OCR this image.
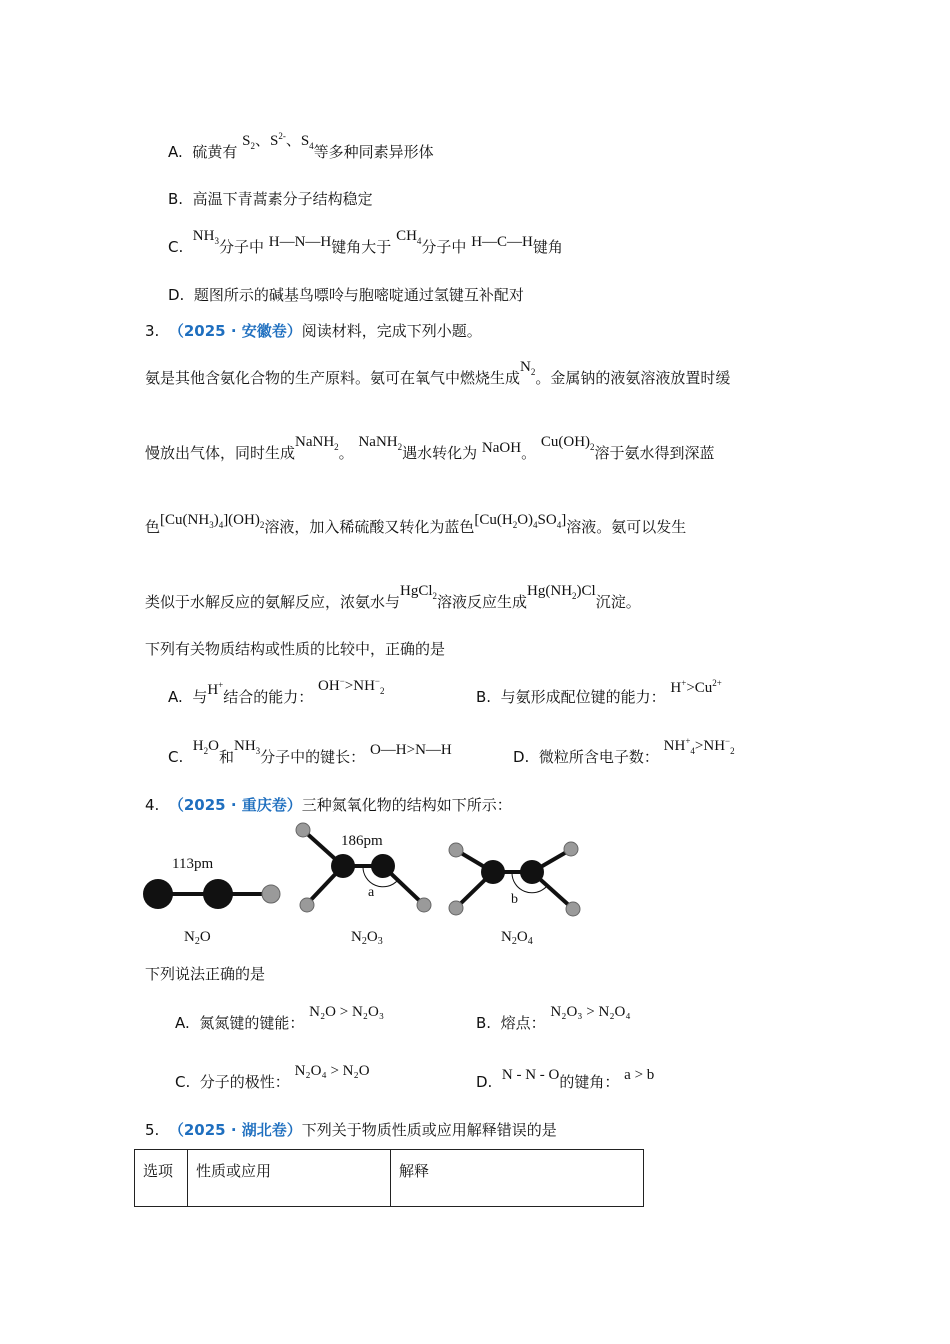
A. 硫黄有 $S_2$、$S^{2-}$、$S_4$等多种同素异形体
B. 高温下青蒿素分子结构稳定
C.  $NH_3$分子中 H—N—H键角大于 $CH_4$分子中 H—C—H键角
D. 题图所示的碱基鸟嘌呤与胞嘧啶通过氢键互补配对
3. （2025 · 安徽卷）阅读材料，完成下列小题。
氨是其他含氨化合物的生产原料。氨可在氧气中燃烧生成$N_2$。金属钠的液氨溶液放置时缓
慢放出气体，同时生成NaNH$_2$。 NaNH$_2$遇水转化为 NaOH。 $Cu(OH)_2$溶于氨水得到深蓝
色$[Cu(NH_3)_4](OH)_2$溶液，加入稀硫酸又转化为蓝色$[Cu(H_2O)_4SO_4]$溶液。氨可以发生
类似于水解反应的氨解反应，浓氨水与HgCl$_2$溶液反应生成$Hg(NH_2)Cl$沉淀。
下列有关物质结构或性质的比较中，正确的是
A. 与H+结合的能力： $OH^->NH^-_2$	B. 与氨形成配位键的能力： $H^+>Cu^{2+}$
C.  $H_2O$和$NH_3$分子中的键长： O—H>N—H	D. 微粒所含电子数： $NH^+_4>NH^-_2$
4. （2025 · 重庆卷）三种氮氧化物的结构如下所示：
113pm
$N_2O$
186pm
a
$N_2O_3$
b
$N_2O_4$
下列说法正确的是
A. 氮氮键的键能： N₂O > N₂O₃
B. 熔点： N₂O₃ > N₂O₄
C. 分子的极性： N₂O₄ > N₂O
D. N - N - O的键角： a > b
5. （2025 · 湖北卷）下列关于物质性质或应用解释错误的是
选项	性质或应用	解释
